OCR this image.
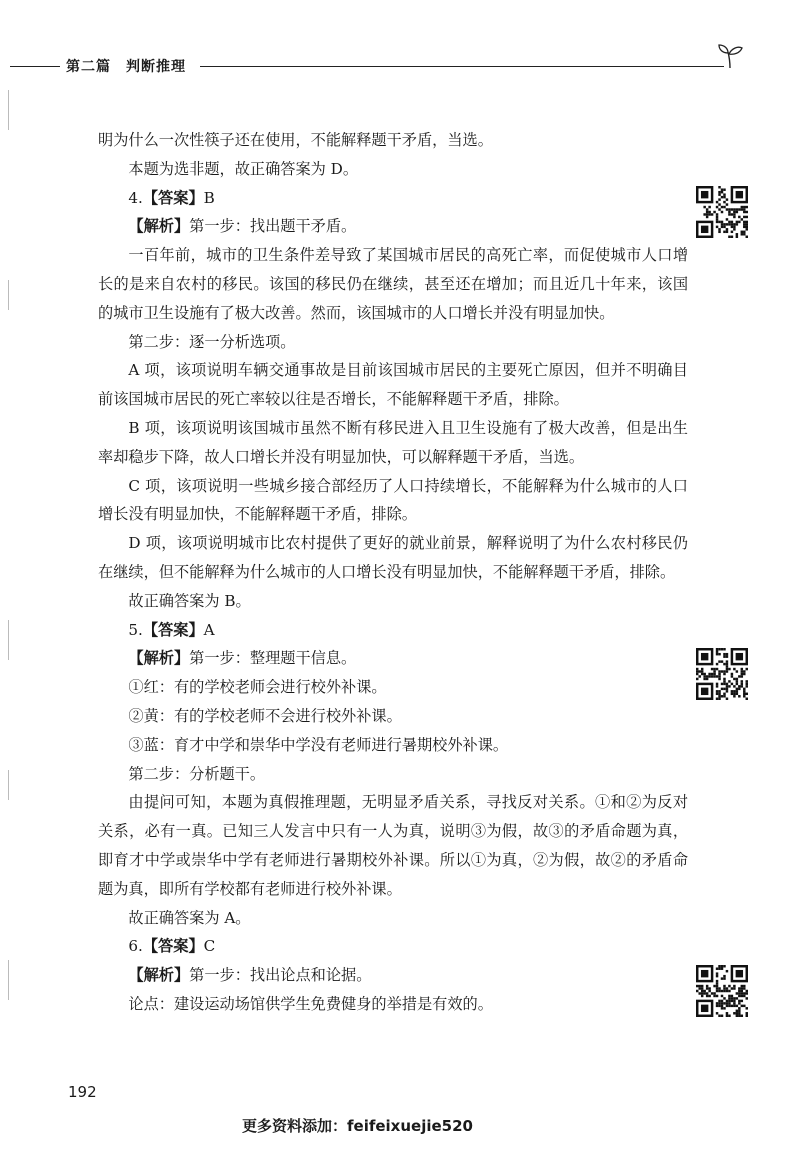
第二篇　判断推理

明为什么一次性筷子还在使用，不能解释题干矛盾，当选。

本题为选非题，故正确答案为 D。

4.【答案】B

【解析】第一步：找出题干矛盾。

一百年前，城市的卫生条件差导致了某国城市居民的高死亡率，而促使城市人口增长的是来自农村的移民。该国的移民仍在继续，甚至还在增加；而且近几十年来，该国的城市卫生设施有了极大改善。然而，该国城市的人口增长并没有明显加快。

第二步：逐一分析选项。

A 项，该项说明车辆交通事故是目前该国城市居民的主要死亡原因，但并不明确目前该国城市居民的死亡率较以往是否增长，不能解释题干矛盾，排除。

B 项，该项说明该国城市虽然不断有移民进入且卫生设施有了极大改善，但是出生率却稳步下降，故人口增长并没有明显加快，可以解释题干矛盾，当选。

C 项，该项说明一些城乡接合部经历了人口持续增长，不能解释为什么城市的人口增长没有明显加快，不能解释题干矛盾，排除。

D 项，该项说明城市比农村提供了更好的就业前景，解释说明了为什么农村移民仍在继续，但不能解释为什么城市的人口增长没有明显加快，不能解释题干矛盾，排除。

故正确答案为 B。

5.【答案】A

【解析】第一步：整理题干信息。

①红：有的学校老师会进行校外补课。

②黄：有的学校老师不会进行校外补课。

③蓝：育才中学和崇华中学没有老师进行暑期校外补课。

第二步：分析题干。

由提问可知，本题为真假推理题，无明显矛盾关系，寻找反对关系。①和②为反对关系，必有一真。已知三人发言中只有一人为真，说明③为假，故③的矛盾命题为真，即育才中学或崇华中学有老师进行暑期校外补课。所以①为真，②为假，故②的矛盾命题为真，即所有学校都有老师进行校外补课。

故正确答案为 A。

6.【答案】C

【解析】第一步：找出论点和论据。

论点：建设运动场馆供学生免费健身的举措是有效的。

192
更多资料添加：feifeixuejie520
